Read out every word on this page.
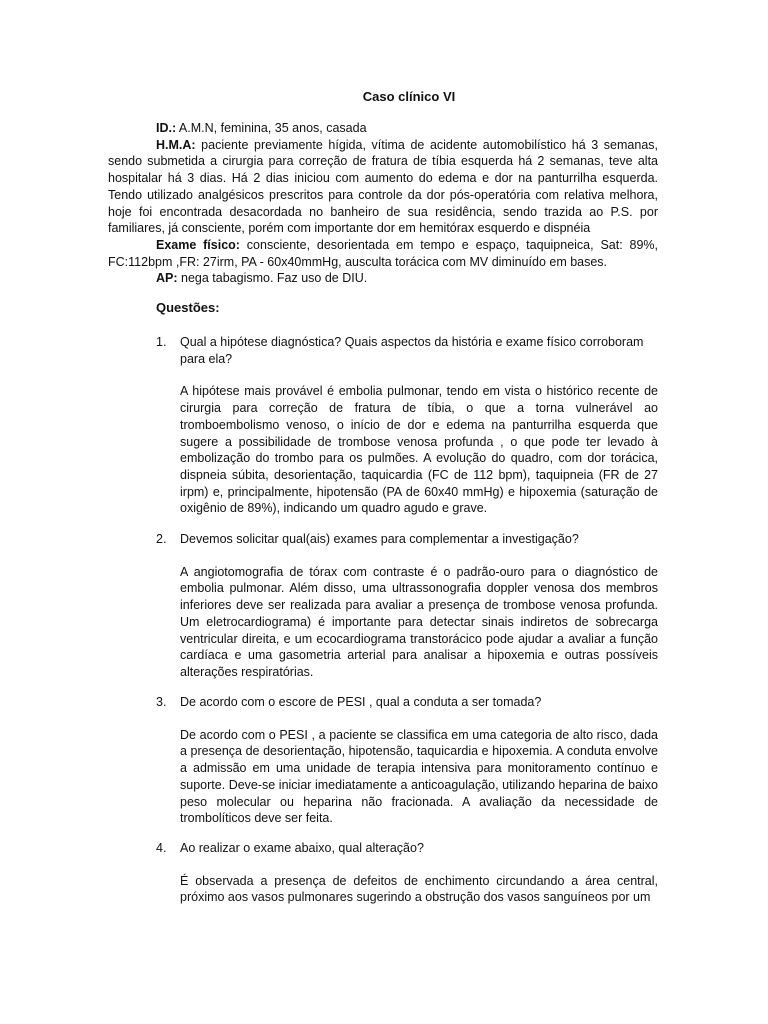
Caso clínico VI

ID.: A.M.N, feminina, 35 anos, casada

H.M.A: paciente previamente hígida, vítima de acidente automobilístico há 3 semanas, sendo submetida a cirurgia para correção de fratura de tíbia esquerda há 2 semanas, teve alta hospitalar há 3 dias. Há 2 dias iniciou com aumento do edema e dor na panturrilha esquerda. Tendo utilizado analgésicos prescritos para controle da dor pós-operatória com relativa melhora, hoje foi encontrada desacordada no banheiro de sua residência, sendo trazida ao P.S. por familiares, já consciente, porém com importante dor em hemitórax esquerdo e dispnéia

Exame físico: consciente, desorientada em tempo e espaço, taquipneica, Sat: 89%, FC:112bpm ,FR: 27irm, PA - 60x40mmHg, ausculta torácica com MV diminuído em bases.

AP: nega tabagismo. Faz uso de DIU.

Questões:
1. Qual a hipótese diagnóstica? Quais aspectos da história e exame físico corroboram para ela?

A hipótese mais provável é embolia pulmonar, tendo em vista o histórico recente de cirurgia para correção de fratura de tíbia, o que a torna vulnerável ao tromboembolismo venoso, o início de dor e edema na panturrilha esquerda que sugere a possibilidade de trombose venosa profunda , o que pode ter levado à embolização do trombo para os pulmões. A evolução do quadro, com dor torácica, dispneia súbita, desorientação, taquicardia (FC de 112 bpm), taquipneia (FR de 27 irpm) e, principalmente, hipotensão (PA de 60x40 mmHg) e hipoxemia (saturação de oxigênio de 89%), indicando um quadro agudo e grave.

2. Devemos solicitar qual(ais) exames para complementar a investigação?

A angiotomografia de tórax com contraste é o padrão-ouro para o diagnóstico de embolia pulmonar. Além disso, uma ultrassonografia doppler venosa dos membros inferiores deve ser realizada para avaliar a presença de trombose venosa profunda. Um eletrocardiograma) é importante para detectar sinais indiretos de sobrecarga ventricular direita, e um ecocardiograma transtorácico pode ajudar a avaliar a função cardíaca e uma gasometria arterial para analisar a hipoxemia e outras possíveis alterações respiratórias.

3. De acordo com o escore de PESI , qual a conduta a ser tomada?

De acordo com o PESI , a paciente se classifica em uma categoria de alto risco, dada a presença de desorientação, hipotensão, taquicardia e hipoxemia. A conduta envolve a admissão em uma unidade de terapia intensiva para monitoramento contínuo e suporte. Deve-se iniciar imediatamente a anticoagulação, utilizando heparina de baixo peso molecular ou heparina não fracionada. A avaliação da necessidade de trombolíticos deve ser feita.

4. Ao realizar o exame abaixo, qual alteração?

É observada a presença de defeitos de enchimento circundando a área central, próximo aos vasos pulmonares sugerindo a obstrução dos vasos sanguíneos por um
